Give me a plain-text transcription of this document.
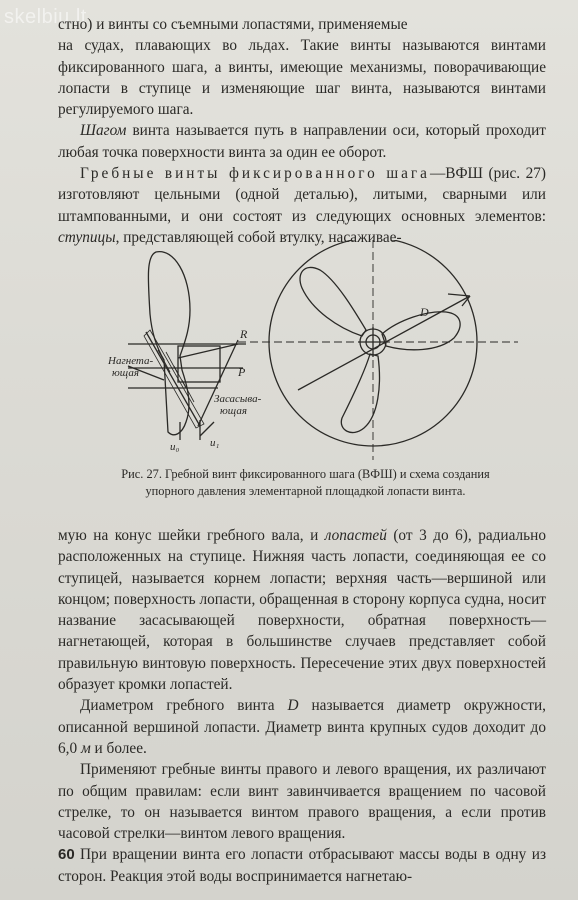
skelbiu.lt

стно) и винты со съемными лопастями, применяемые

на судах, плавающих во льдах. Такие винты называются винтами фиксированного шага, а винты, имеющие механизмы, поворачивающие лопасти в ступице и изменяющие шаг винта, называются винтами регулируемого шага.

Шагом винта называется путь в направлении оси, который проходит любая точка поверхности винта за один ее оборот.

Гребные винты фиксированного шага—ВФШ (рис. 27) изготовляют цельными (одной деталью), литыми, сварными или штампованными, и они состоят из следующих основных элементов: ступицы, представляющей собой втулку, насаживае-

Нагнета-
ющая
Засасыва-
ющая
R
P
D
u₀	u₁
Рис. 27. Гребной винт фиксированного шага (ВФШ) и схема создания упорного давления элементарной площадкой лопасти винта.

мую на конус шейки гребного вала, и лопастей (от 3 до 6), радиально расположенных на ступице. Нижняя часть лопасти, соединяющая ее со ступицей, называется корнем лопасти; верхняя часть—вершиной или концом; поверхность лопасти, обращенная в сторону корпуса судна, носит название засасывающей поверхности, обратная поверхность—нагнетающей, которая в большинстве случаев представляет собой правильную винтовую поверхность. Пересечение этих двух поверхностей образует кромки лопастей.

Диаметром гребного винта D называется диаметр окружности, описанной вершиной лопасти. Диаметр винта крупных судов доходит до 6,0 м и более.

Применяют гребные винты правого и левого вращения, их различают по общим правилам: если винт завинчивается вращением по часовой стрелке, то он называется винтом правого вращения, а если против часовой стрелки—винтом левого вращения.

При вращении винта его лопасти отбрасывают массы воды в одну из сторон. Реакция этой воды воспринимается нагнетаю-

60
